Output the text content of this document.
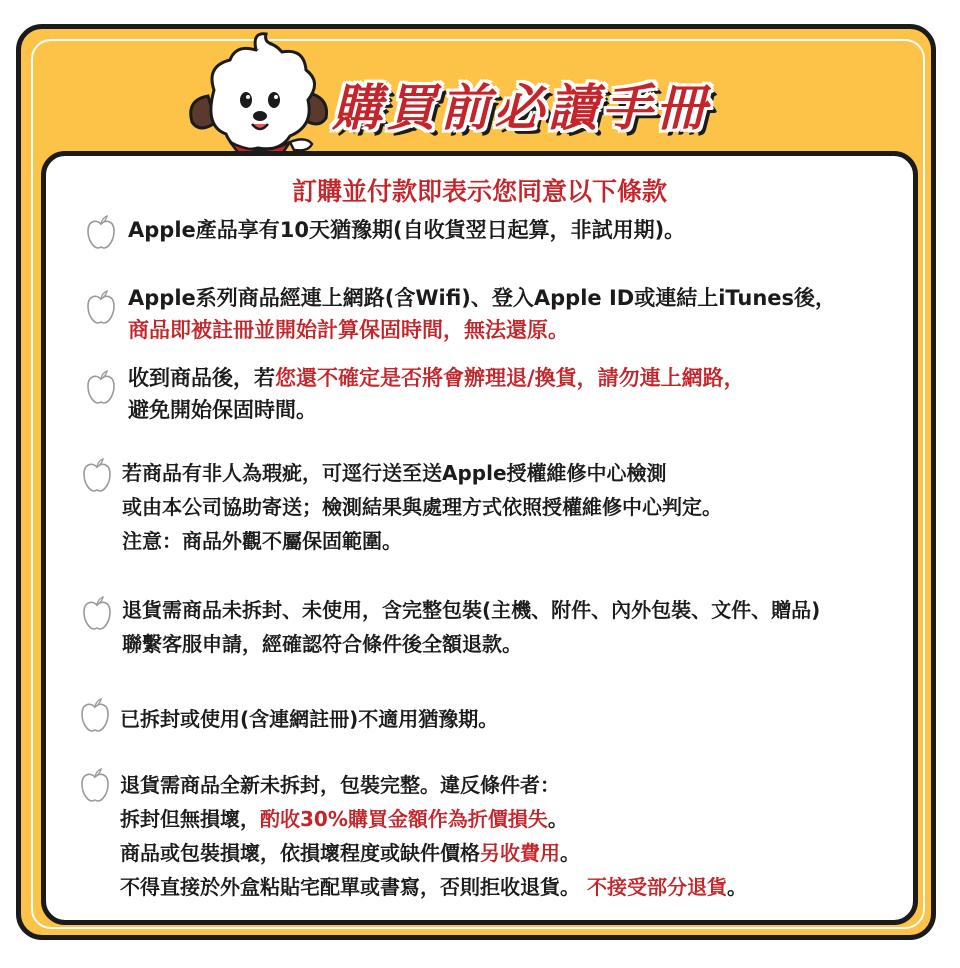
購買前必讀手冊
訂購並付款即表示您同意以下條款
Apple產品享有10天猶豫期(自收貨翌日起算，非試用期)。
Apple系列商品經連上網路(含Wifi)、登入Apple ID或連結上iTunes後，
商品即被註冊並開始計算保固時間，無法還原。
收到商品後，若您還不確定是否將會辦理退/換貨，請勿連上網路，
避免開始保固時間。
若商品有非人為瑕疵，可逕行送至送Apple授權維修中心檢測
或由本公司協助寄送；檢測結果與處理方式依照授權維修中心判定。
注意：商品外觀不屬保固範圍。
退貨需商品未拆封、未使用，含完整包裝(主機、附件、內外包裝、文件、贈品)
聯繫客服申請，經確認符合條件後全額退款。
已拆封或使用(含連網註冊)不適用猶豫期。
退貨需商品全新未拆封，包裝完整。違反條件者：
拆封但無損壞，酌收30%購買金額作為折價損失。
商品或包裝損壞，依損壞程度或缺件價格另收費用。
不得直接於外盒粘貼宅配單或書寫，否則拒收退貨。 不接受部分退貨。
